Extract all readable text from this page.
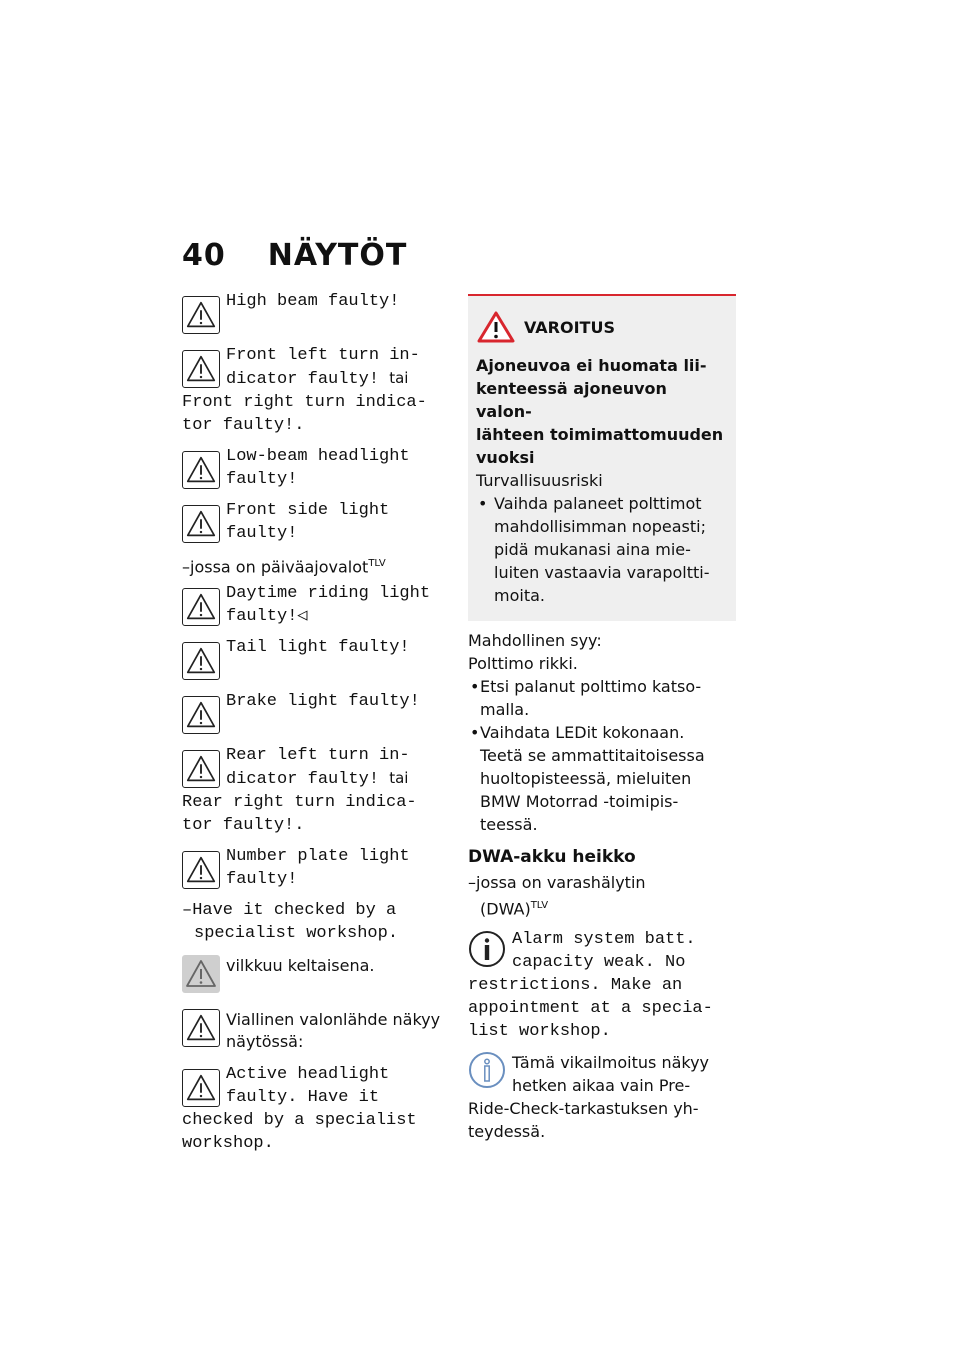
40 NÄYTÖT
High beam faulty!
Front left turn in-
dicator faulty! tai
Front right turn indica-
tor faulty!.
Low-beam headlight
faulty!
Front side light
faulty!
–jossa on päiväajovalot$^{TLV}$
Daytime riding light
faulty!◁
Tail light faulty!
Brake light faulty!
Rear left turn in-
dicator faulty! tai
Rear right turn indica-
tor faulty!.
Number plate light
faulty!
–Have it checked by a
specialist workshop.
vilkkuu keltaisena.
Viallinen valonlähde näkyy
näytössä:
Active headlight
faulty. Have it
checked by a specialist
workshop.
VAROITUS
Ajoneuvoa ei huomata lii-
kenteessä ajoneuvon valon-
lähteen toimimattomuuden
vuoksi
Turvallisuusriski
• Vaihda palaneet polttimot
mahdollisimman nopeasti;
pidä mukanasi aina mie-
luiten vastaavia varapoltti-
moita.
Mahdollinen syy:
Polttimo rikki.
• Etsi palanut polttimo katso-
malla.
• Vaihdata LEDit kokonaan.
Teetä se ammattitaitoisessa
huoltopisteessä, mieluiten
BMW Motorrad -toimipis-
teessä.
DWA-akku heikko
–jossa on varashälytin
(DWA)$^{TLV}$
Alarm system batt.
capacity weak. No
restrictions. Make an
appointment at a specia-
list workshop.
Tämä vikailmoitus näkyy
hetken aikaa vain Pre-
Ride-Check-tarkastuksen yh-
teydessä.
